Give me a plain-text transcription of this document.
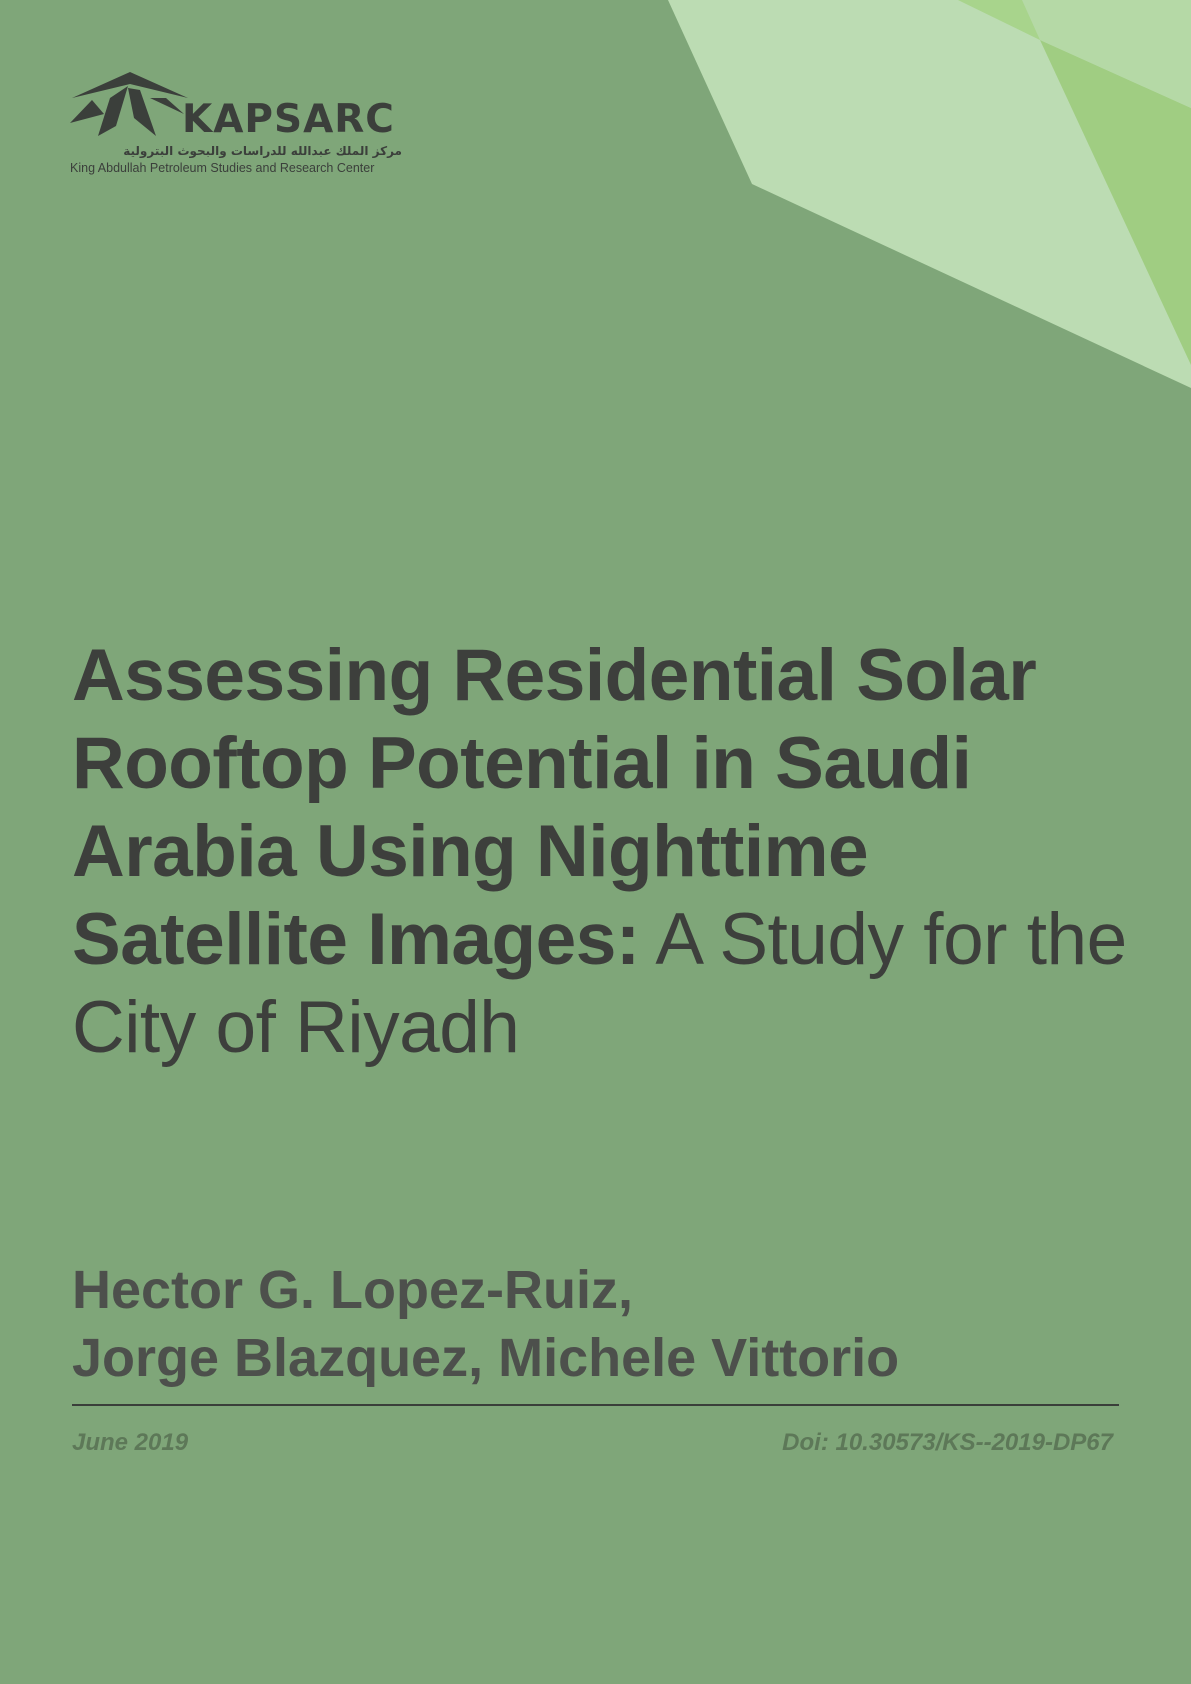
KAPSARC
مركز الملك عبدالله للدراسات والبحوث البترولية
King Abdullah Petroleum Studies and Research Center
Assessing Residential Solar Rooftop Potential in Saudi Arabia Using Nighttime Satellite Images: A Study for the City of Riyadh
Hector G. Lopez-Ruiz,
Jorge Blazquez, Michele Vittorio
June 2019	Doi: 10.30573/KS--2019-DP67
